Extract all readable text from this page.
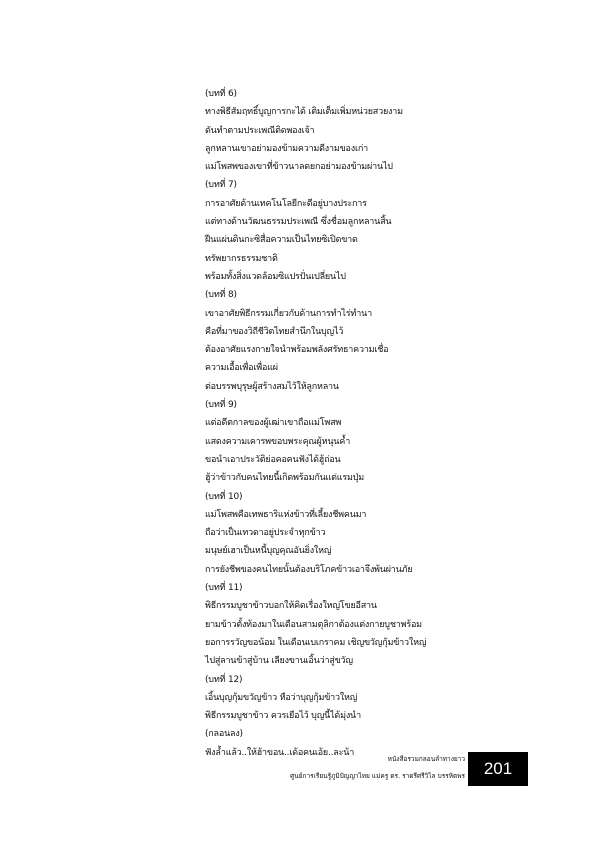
(บทที่ 6)
ทางพิธีสัมฤทธิ์บูญการกะได้ เติมเต็มเพิ่มหน่วยสวยงาม
ดันทำตามประเพณีติดพองเจ้า
ลูกหลานเขาอย่ามองข้ามความดีงามของเก่า
แม่โพสพของเขาที่ข้าวนาลดยกอย่ามองข้ามผ่านไป
(บทที่ 7)
การอาศัยด้านเทคโนโลยีกะดีอยู่บางประการ
แต่ทางด้านวัฒนธรรมประเพณี ซึ่งชื่อมลูกหลานสิ้น
ฝืนแผ่นดินกะซิสื่อความเป็นไทยซิเปิดขาด
ทรัพยากรธรรมชาติ
พร้อมทั้งสิ่งแวดล้อมซิแปรปั่นเปลี่ยนไป
(บทที่ 8)
เขาอาศัยพิธีกรรมเกี่ยวกับด้านการทำไร่ทำนา
คือที่มาของวิถีชีวิตไทยสำนึกในบุญไว้
ต้องอาศัยแรงกายใจนำพร้อมพลังศรัทธาความเชื่อ
ความเอื้อเพื่อเพื่อแผ่
ต่อบรรพบุรุษผู้สร้างสมไว้ให้ลูกหลาน
(บทที่ 9)
แต่อดีตกาลของผู้เฒ่าเขาถือแม่โพสพ
แสดงความเคารพขอบพระคุณผู้หนุนค้ำ
ขอนำเอาประวัติย่อคอคนฟังได้ฮู้ถ่อน
ฮู้ว่าข้าวกับคนไทยนี้เกิดพร้อมกันแต่แรมปุ่ม
(บทที่ 10)
แม่โพสพคือเทพธาริแห่งข้าวที่เลี้ยงชีพคนมา
ถือว่าเป็นเทวดาอยู่ประจำทุกข้าว
มนุษย์เฮาเป็นหนี้บุญคุณอันยิ่งใหญ่
การยังชีพของคนไทยนั้นต้องบริโภคข้าวเอาจึงพ้นผ่านภัย
(บทที่ 11)
พิธีกรรมบูชาข้าวบอกให้คิดเรื่องใหญ่โขยอีสาน
ยามข้าวตั้งท้องมาในเดือนสามตุลิกาต้องแต่งกายบูชาพร้อม
ยอการรวัญขอน้อม ในเดือนเบเกราคม เชิญขวัญกุ้มข้าวใหญ่
ไปสู่ลานข้าสู่บ้าน เลียงขานเอิ้นว่าสู่ขวัญ
(บทที่ 12)
เอิ้นบุญกุ้มขวัญข้าว หือว่าบุญกุ้มข้าวใหญ่
พิธีกรรมบูชาข้าว ควรเยือไว้ บุญนี้ได้มุ่งนำ
(กลอนลง)
ฟังล้ำแล้ว..ให้ฮ้าขอน..เด้อคนเอ้ย..ละน้า
หนังสือรวมกลอนลำทางยาว
ศูนย์การเรียนรู้ภูมิปัญญาไทย แม่ครู ดร. ราตรีศรีวิไล บรรหิตพร 201
